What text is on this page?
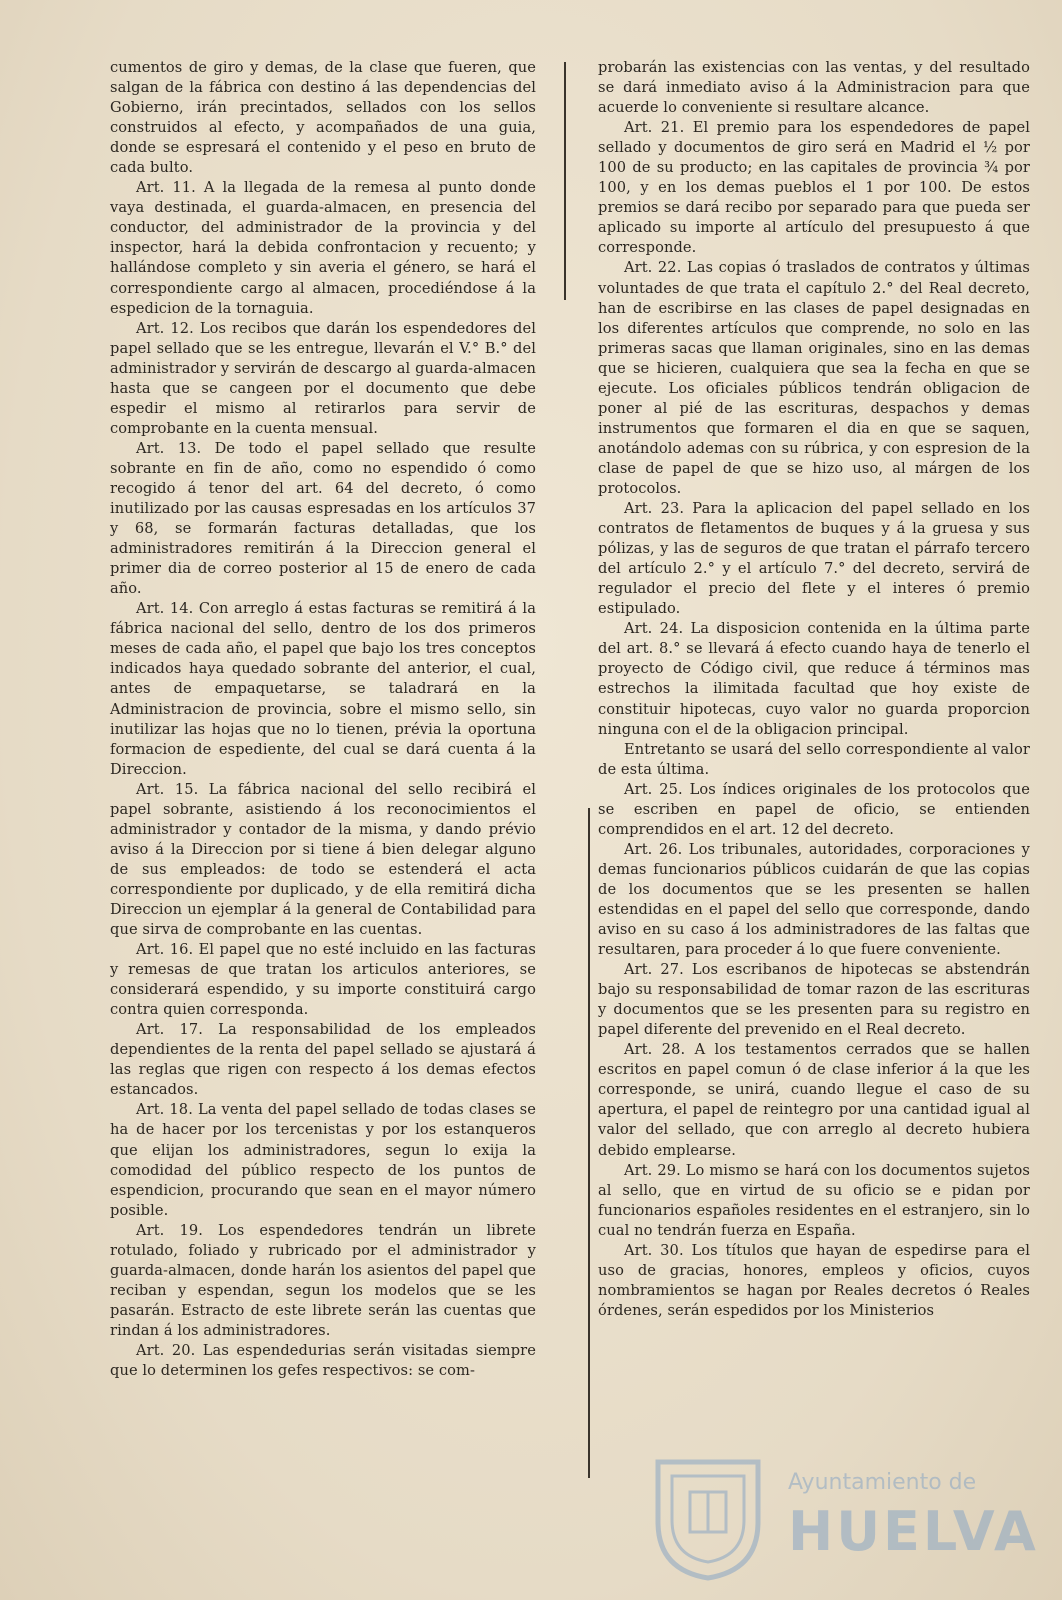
cumentos de giro y demas, de la clase que fueren, que salgan de la fábrica con destino á las dependencias del Gobierno, irán precintados, sellados con los sellos construidos al efecto, y acompañados de una guia, donde se espresará el contenido y el peso en bruto de cada bulto.

Art. 11. A la llegada de la remesa al punto donde vaya destinada, el guarda-almacen, en presencia del conductor, del administrador de la provincia y del inspector, hará la debida confrontacion y recuento; y hallándose completo y sin averia el género, se hará el correspondiente cargo al almacen, procediéndose á la espedicion de la tornaguia.

Art. 12. Los recibos que darán los espendedores del papel sellado que se les entregue, llevarán el V.° B.° del administrador y servirán de descargo al guarda-almacen hasta que se cangeen por el documento que debe espedir el mismo al retirarlos para servir de comprobante en la cuenta mensual.

Art. 13. De todo el papel sellado que resulte sobrante en fin de año, como no espendido ó como recogido á tenor del art. 64 del decreto, ó como inutilizado por las causas espresadas en los artículos 37 y 68, se formarán facturas detalladas, que los administradores remitirán á la Direccion general el primer dia de correo posterior al 15 de enero de cada año.

Art. 14. Con arreglo á estas facturas se remitirá á la fábrica nacional del sello, dentro de los dos primeros meses de cada año, el papel que bajo los tres conceptos indicados haya quedado sobrante del anterior, el cual, antes de empaquetarse, se taladrará en la Administracion de provincia, sobre el mismo sello, sin inutilizar las hojas que no lo tienen, prévia la oportuna formacion de espediente, del cual se dará cuenta á la Direccion.

Art. 15. La fábrica nacional del sello recibirá el papel sobrante, asistiendo á los reconocimientos el administrador y contador de la misma, y dando prévio aviso á la Direccion por si tiene á bien delegar alguno de sus empleados: de todo se estenderá el acta correspondiente por duplicado, y de ella remitirá dicha Direccion un ejemplar á la general de Contabilidad para que sirva de comprobante en las cuentas.

Art. 16. El papel que no esté incluido en las facturas y remesas de que tratan los articulos anteriores, se considerará espendido, y su importe constituirá cargo contra quien corresponda.

Art. 17. La responsabilidad de los empleados dependientes de la renta del papel sellado se ajustará á las reglas que rigen con respecto á los demas efectos estancados.

Art. 18. La venta del papel sellado de todas clases se ha de hacer por los tercenistas y por los estanqueros que elijan los administradores, segun lo exija la comodidad del público respecto de los puntos de espendicion, procurando que sean en el mayor número posible.

Art. 19. Los espendedores tendrán un librete rotulado, foliado y rubricado por el administrador y guarda-almacen, donde harán los asientos del papel que reciban y espendan, segun los modelos que se les pasarán. Estracto de este librete serán las cuentas que rindan á los administradores.

Art. 20. Las espendedurias serán visitadas siempre que lo determinen los gefes respectivos: se com-

probarán las existencias con las ventas, y del resultado se dará inmediato aviso á la Administracion para que acuerde lo conveniente si resultare alcance.

Art. 21. El premio para los espendedores de papel sellado y documentos de giro será en Madrid el ½ por 100 de su producto; en las capitales de provincia ¾ por 100, y en los demas pueblos el 1 por 100. De estos premios se dará recibo por separado para que pueda ser aplicado su importe al artículo del presupuesto á que corresponde.

Art. 22. Las copias ó traslados de contratos y últimas voluntades de que trata el capítulo 2.° del Real decreto, han de escribirse en las clases de papel designadas en los diferentes artículos que comprende, no solo en las primeras sacas que llaman originales, sino en las demas que se hicieren, cualquiera que sea la fecha en que se ejecute. Los oficiales públicos tendrán obligacion de poner al pié de las escrituras, despachos y demas instrumentos que formaren el dia en que se saquen, anotándolo ademas con su rúbrica, y con espresion de la clase de papel de que se hizo uso, al márgen de los protocolos.

Art. 23. Para la aplicacion del papel sellado en los contratos de fletamentos de buques y á la gruesa y sus pólizas, y las de seguros de que tratan el párrafo tercero del artículo 2.° y el artículo 7.° del decreto, servirá de regulador el precio del flete y el interes ó premio estipulado.

Art. 24. La disposicion contenida en la última parte del art. 8.° se llevará á efecto cuando haya de tenerlo el proyecto de Código civil, que reduce á términos mas estrechos la ilimitada facultad que hoy existe de constituir hipotecas, cuyo valor no guarda proporcion ninguna con el de la obligacion principal.

Entretanto se usará del sello correspondiente al valor de esta última.

Art. 25. Los índices originales de los protocolos que se escriben en papel de oficio, se entienden comprendidos en el art. 12 del decreto.

Art. 26. Los tribunales, autoridades, corporaciones y demas funcionarios públicos cuidarán de que las copias de los documentos que se les presenten se hallen estendidas en el papel del sello que corresponde, dando aviso en su caso á los administradores de las faltas que resultaren, para proceder á lo que fuere conveniente.

Art. 27. Los escribanos de hipotecas se abstendrán bajo su responsabilidad de tomar razon de las escrituras y documentos que se les presenten para su registro en papel diferente del prevenido en el Real decreto.

Art. 28. A los testamentos cerrados que se hallen escritos en papel comun ó de clase inferior á la que les corresponde, se unirá, cuando llegue el caso de su apertura, el papel de reintegro por una cantidad igual al valor del sellado, que con arreglo al decreto hubiera debido emplearse.

Art. 29. Lo mismo se hará con los documentos sujetos al sello, que en virtud de su oficio se e pidan por funcionarios españoles residentes en el estranjero, sin lo cual no tendrán fuerza en España.

Art. 30. Los títulos que hayan de espedirse para el uso de gracias, honores, empleos y oficios, cuyos nombramientos se hagan por Reales decretos ó Reales órdenes, serán espedidos por los Ministerios

Ayuntamiento de
HUELVA
